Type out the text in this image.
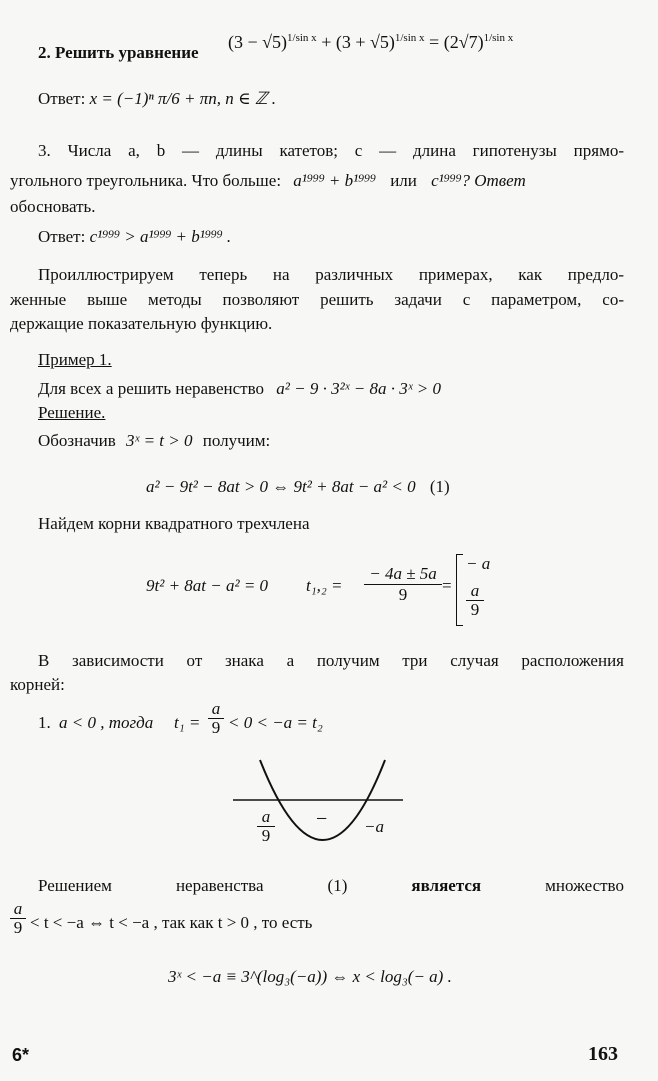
2. Решить уравнение
$(3 - √5)^{1/sin x} + (3 + √5)^{1/sin x} = (2√7)^{1/sin x}$
Ответ: x = (−1)ⁿ π/6 + πn, n ∈ ℤ .
3. Числа a, b — длины катетов; c — длина гипотенузы прямо-
угольного треугольника. Что больше: a¹⁹⁹⁹ + b¹⁹⁹⁹ или c¹⁹⁹⁹? Ответ
обосновать.
Ответ: c¹⁹⁹⁹ > a¹⁹⁹⁹ + b¹⁹⁹⁹ .
Проиллюстрируем теперь на различных примерах, как предло-
женные выше методы позволяют решить задачи с параметром, со-
держащие показательную функцию.
Пример 1.
Для всех a решить неравенство a² − 9 · 3²ˣ − 8a · 3ˣ > 0
Решение.
Обозначив 3ˣ = t > 0 получим:
a² − 9t² − 8at > 0 ⇔ 9t² + 8at − a² < 0 (1)
Найдем корни квадратного трехчлена
9t² + 8at − a² = 0 $t_1,_2 = \frac{- 4a \pm 5a}{9}$ =
− a
$\frac{a}{9}$
В зависимости от знака a получим три случая расположения
корней:
1. a < 0 , тогда $t_1 = \frac{a}{9} < 0 < -a = t_2$
$\frac{a}{9} - -a$
Решением	неравенства	(1)	является	множество
$\frac{a}{9} < t < -a$ ⇔ t < −a , так как t > 0 , то есть
3ˣ < −a ≡ 3^(log₃(−a)) ⇔ x < log₃(− a) .
6*	163
